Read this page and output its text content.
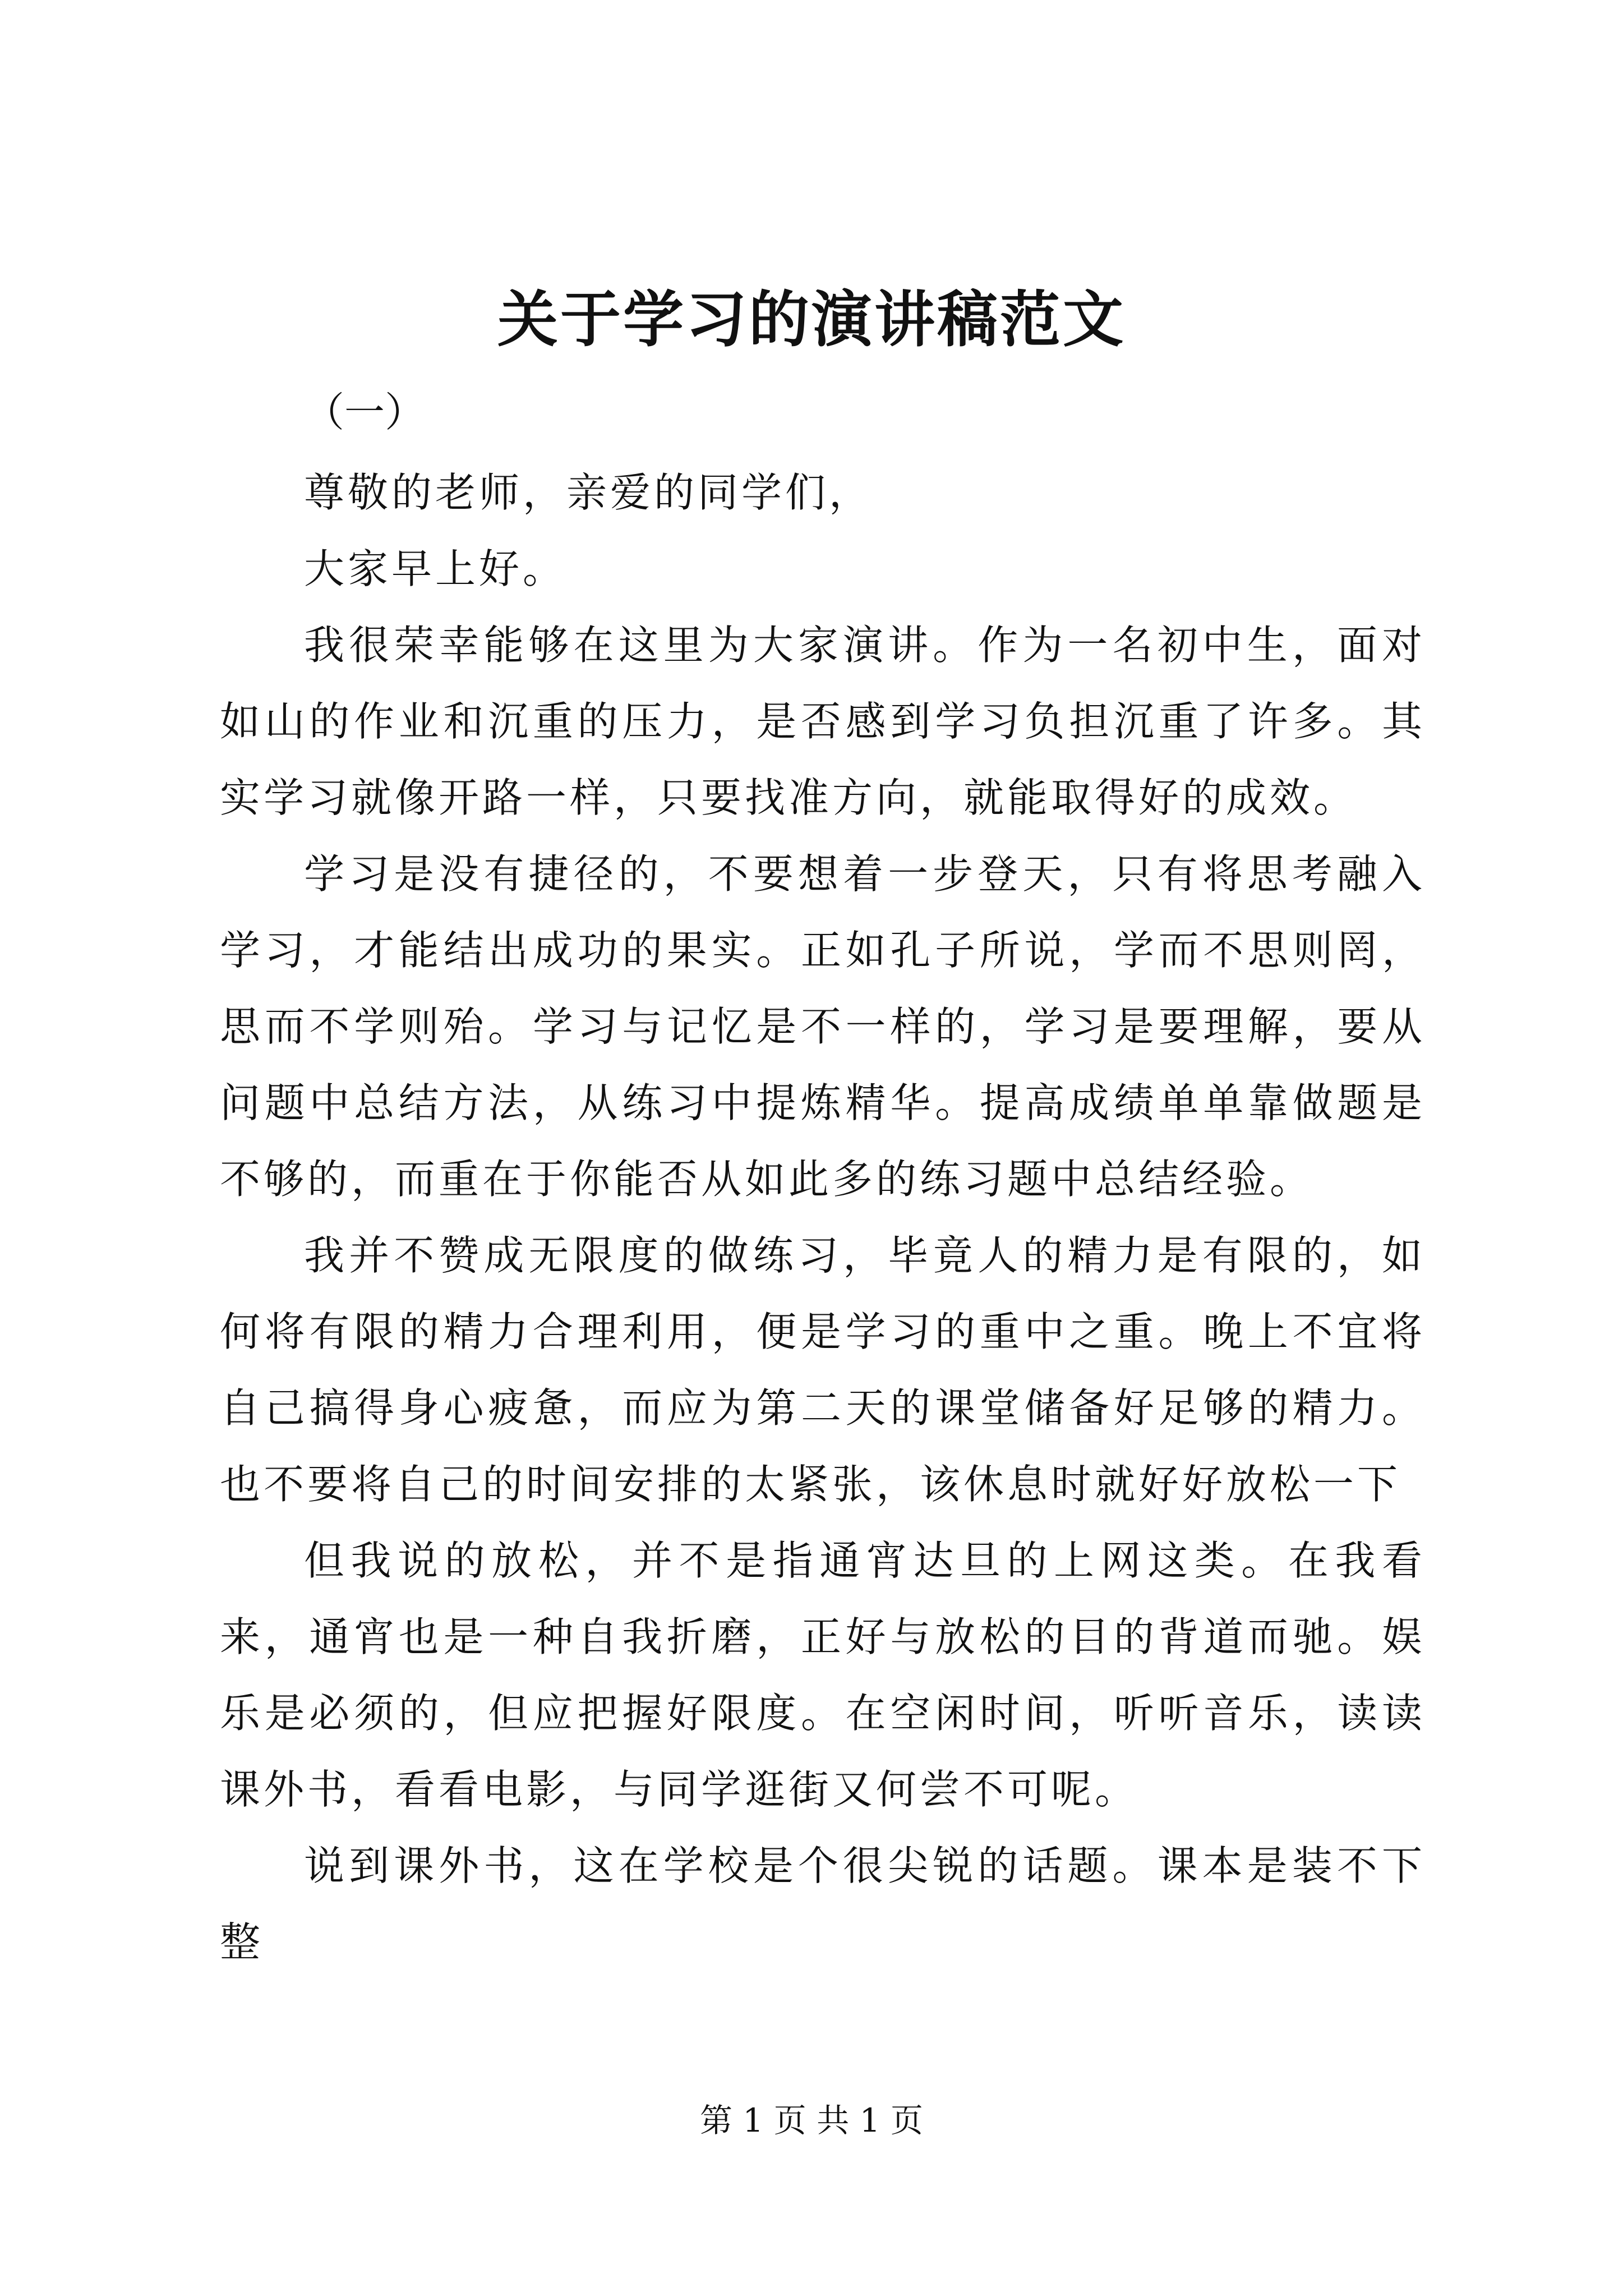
关于学习的演讲稿范文
（一）

尊敬的老师，亲爱的同学们，

大家早上好。

我很荣幸能够在这里为大家演讲。作为一名初中生，面对如山的作业和沉重的压力，是否感到学习负担沉重了许多。其实学习就像开路一样，只要找准方向，就能取得好的成效。

学习是没有捷径的，不要想着一步登天，只有将思考融入学习，才能结出成功的果实。正如孔子所说，学而不思则罔，思而不学则殆。学习与记忆是不一样的，学习是要理解，要从问题中总结方法，从练习中提炼精华。提高成绩单单靠做题是不够的，而重在于你能否从如此多的练习题中总结经验。

我并不赞成无限度的做练习，毕竟人的精力是有限的，如何将有限的精力合理利用，便是学习的重中之重。晚上不宜将自己搞得身心疲惫，而应为第二天的课堂储备好足够的精力。也不要将自己的时间安排的太紧张，该休息时就好好放松一下

但我说的放松，并不是指通宵达旦的上网这类。在我看来，通宵也是一种自我折磨，正好与放松的目的背道而驰。娱乐是必须的，但应把握好限度。在空闲时间，听听音乐，读读课外书，看看电影，与同学逛街又何尝不可呢。

说到课外书，这在学校是个很尖锐的话题。课本是装不下整

第 1 页 共 1 页
